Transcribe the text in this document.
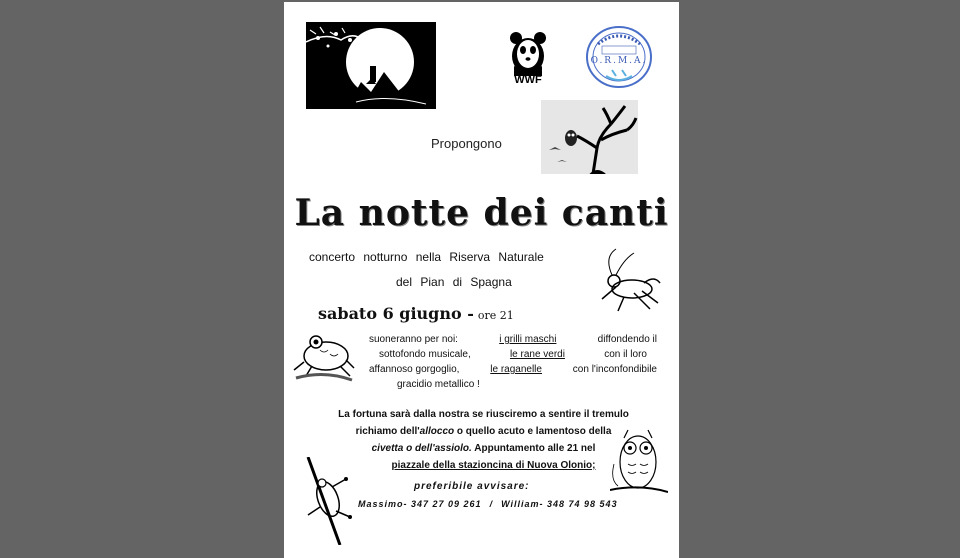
WWF
O.R.M.A.
Propongono
La notte dei canti
concerto notturno nella Riserva Naturale
del Pian di Spagna
sabato 6 giugno - ore 21
suoneranno per noi:	i grilli maschi	diffondendo il
sottofondo musicale,	le rane verdi	con il loro
affannoso gorgoglio,	le raganelle	con l'inconfondibile
gracidio metallico !
La fortuna sarà dalla nostra se riusciremo a sentire il tremulo
richiamo dell'allocco o quello acuto e lamentoso della
civetta o dell'assiolo. Appuntamento alle 21 nel
piazzale della stazioncina di Nuova Olonio;
preferibile avvisare:
Massimo- 347 27 09 261 / William- 348 74 98 543
